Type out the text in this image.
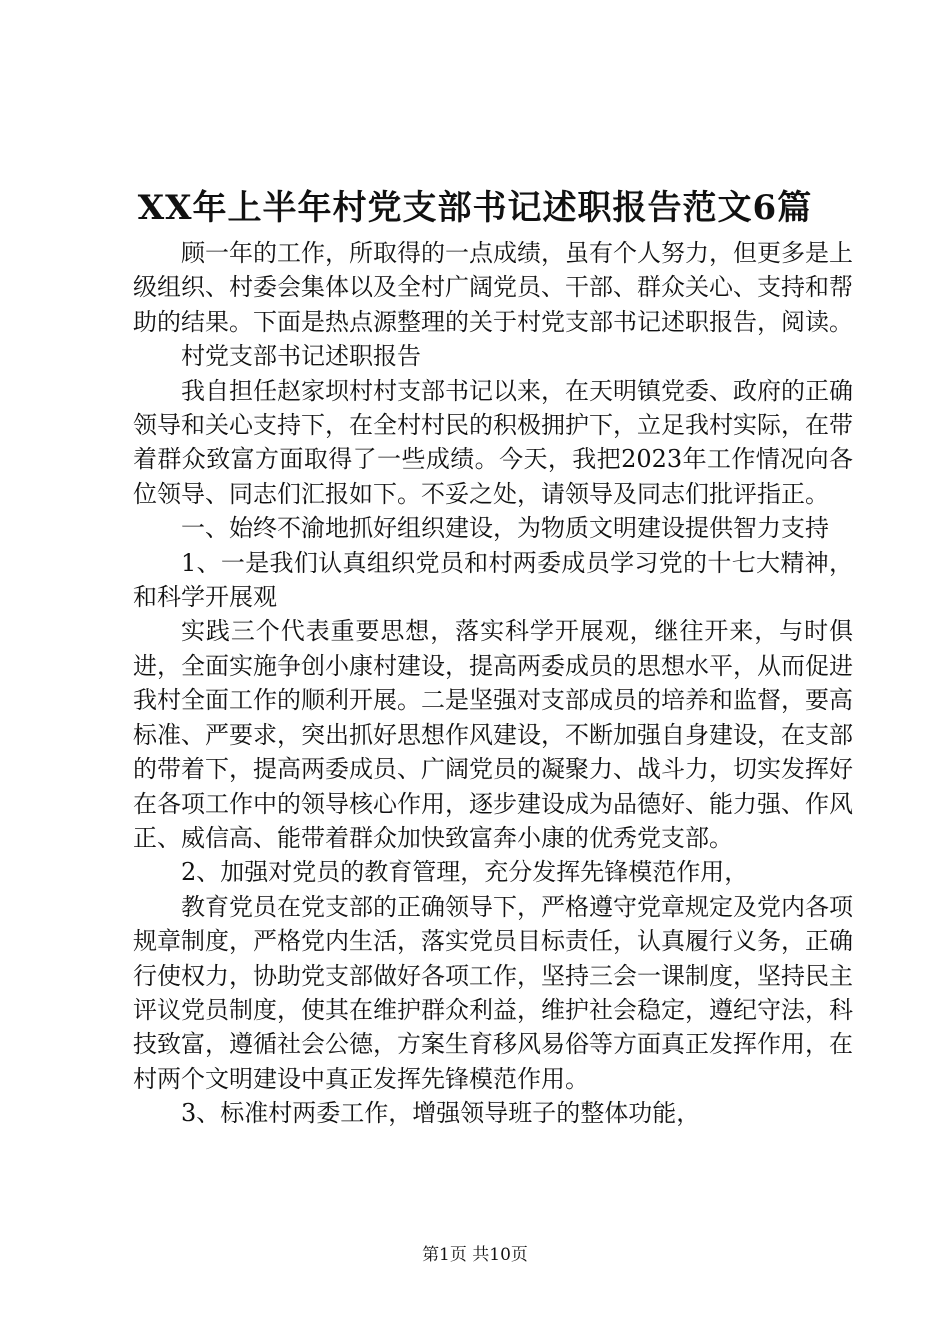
XX年上半年村党支部书记述职报告范文6篇

顾一年的工作，所取得的一点成绩，虽有个人努力，但更多是上级组织、村委会集体以及全村广阔党员、干部、群众关心、支持和帮助的结果。下面是热点源整理的关于村党支部书记述职报告，阅读。

村党支部书记述职报告

我自担任赵家坝村村支部书记以来，在天明镇党委、政府的正确领导和关心支持下，在全村村民的积极拥护下，立足我村实际，在带着群众致富方面取得了一些成绩。今天，我把2023年工作情况向各位领导、同志们汇报如下。不妥之处，请领导及同志们批评指正。

一、始终不渝地抓好组织建设，为物质文明建设提供智力支持

1、一是我们认真组织党员和村两委成员学习党的十七大精神，和科学开展观

实践三个代表重要思想，落实科学开展观，继往开来，与时俱进，全面实施争创小康村建设，提高两委成员的思想水平，从而促进我村全面工作的顺利开展。二是坚强对支部成员的培养和监督，要高标准、严要求，突出抓好思想作风建设，不断加强自身建设，在支部的带着下，提高两委成员、广阔党员的凝聚力、战斗力，切实发挥好在各项工作中的领导核心作用，逐步建设成为品德好、能力强、作风正、威信高、能带着群众加快致富奔小康的优秀党支部。

2、加强对党员的教育管理，充分发挥先锋模范作用，

教育党员在党支部的正确领导下，严格遵守党章规定及党内各项规章制度，严格党内生活，落实党员目标责任，认真履行义务，正确行使权力，协助党支部做好各项工作，坚持三会一课制度，坚持民主评议党员制度，使其在维护群众利益，维护社会稳定，遵纪守法，科技致富，遵循社会公德，方案生育移风易俗等方面真正发挥作用，在村两个文明建设中真正发挥先锋模范作用。

3、标准村两委工作，增强领导班子的整体功能，

第1页 共10页
